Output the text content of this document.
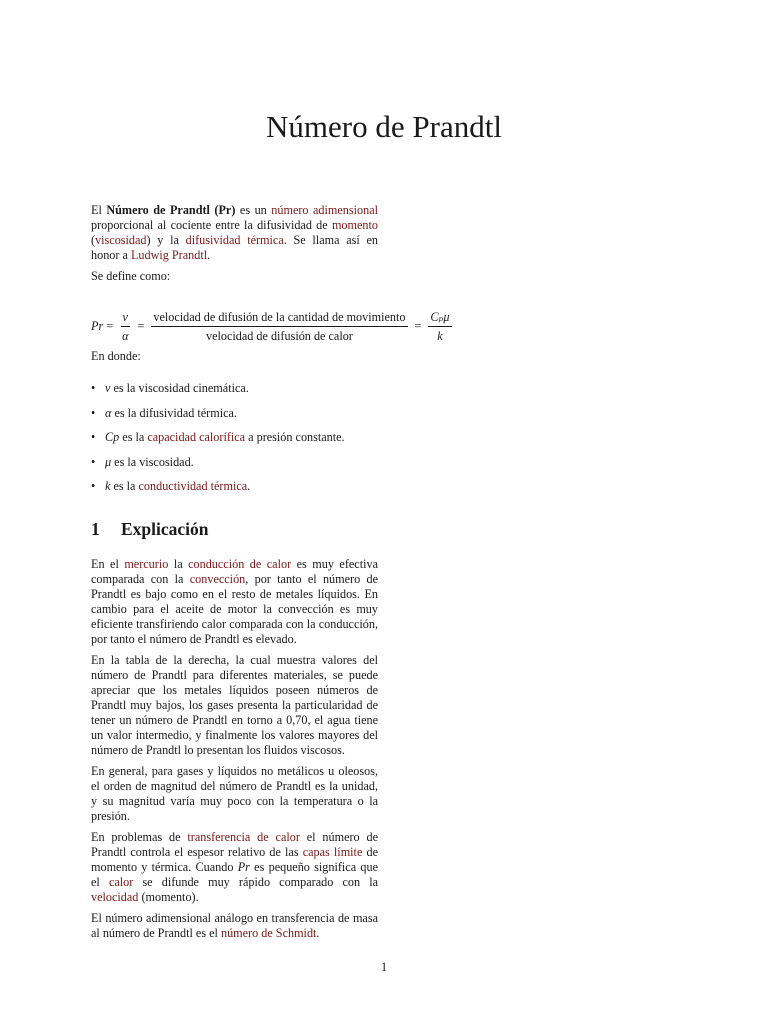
Número de Prandtl

El Número de Prandtl (Pr) es un número adimensional proporcional al cociente entre la difusividad de momento (viscosidad) y la difusividad térmica. Se llama así en honor a Ludwig Prandtl.

Se define como:

$Pr = \frac{\nu}{\alpha} = \frac{\text{velocidad de difusión de la cantidad de movimiento}}{\text{velocidad de difusión de calor}} = \frac{\text{Cₚμ}}{k}$

En donde:

• ν es la viscosidad cinemática.
• α es la difusividad térmica.
• Cp es la capacidad calorífica a presión constante.
• μ es la viscosidad.
• k es la conductividad térmica.
1 Explicación

En el mercurio la conducción de calor es muy efectiva comparada con la convección, por tanto el número de Prandtl es bajo como en el resto de metales líquidos. En cambio para el aceite de motor la convección es muy eficiente transfiriendo calor comparada con la conducción, por tanto el número de Prandtl es elevado.

En la tabla de la derecha, la cual muestra valores del número de Prandtl para diferentes materiales, se puede apreciar que los metales líquidos poseen números de Prandtl muy bajos, los gases presenta la particularidad de tener un número de Prandtl en torno a 0,70, el agua tiene un valor intermedio, y finalmente los valores mayores del número de Prandtl lo presentan los fluidos viscosos.

En general, para gases y líquidos no metálicos u oleosos, el orden de magnitud del número de Prandtl es la unidad, y su magnitud varía muy poco con la temperatura o la presión.

En problemas de transferencia de calor el número de Prandtl controla el espesor relativo de las capas límite de momento y térmica. Cuando Pr es pequeño significa que el calor se difunde muy rápido comparado con la velocidad (momento).

El número adimensional análogo en transferencia de masa al número de Prandtl es el número de Schmidt.

1
